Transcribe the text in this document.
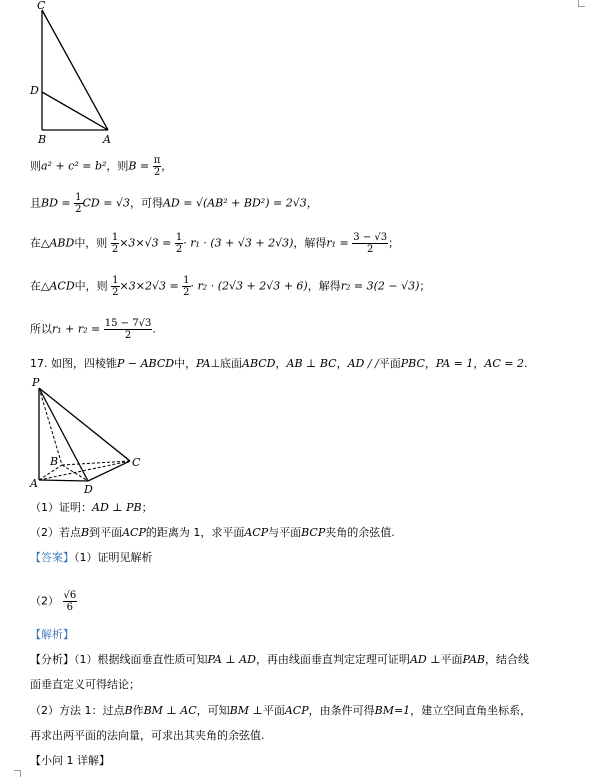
C
D
B	A
则a² + c² = b²，则$B = \frac{\pi}{2}$ ，
且BD = $\frac{1}{2}$ CD = √3，可得AD = √(AB² + BD²) = 2√3，
在△ABD中，则 $\frac{1}{2} \times 3\times√3 = \frac{1}{2} \cdot r_1 \cdot (3 + √3 + 2√3)$，解得$r_1 = \frac{3 - √3}{2}$ ；
在△ACD中，则 $\frac{1}{2} \times 3\times 2√3 = \frac{1}{2} \cdot r_2 \cdot (2√3 + 2√3 + 6)$，解得r₂ = 3(2 − √3)；
所以$r_1 + r_2 = \frac{15 - 7√3}{2}$ .
17. 如图，四棱锥P − ABCD中，PA⊥底面ABCD，AB ⊥ BC，AD / /平面PBC，PA = 1，AC = 2.
P
B	C
A	D
（1）证明：AD ⊥ PB；
（2）若点B到平面ACP的距离为 1，求平面ACP与平面BCP夹角的余弦值.
【答案】（1）证明见解析
$(2) \frac{√6}{6}$
【解析】
【分析】（1）根据线面垂直性质可知PA ⊥ AD，再由线面垂直判定定理可证明AD ⊥平面PAB，结合线
面垂直定义可得结论；
（2）方法 1：过点B作BM ⊥ AC，可知BM ⊥平面ACP，由条件可得BM=1，建立空间直角坐标系，
再求出两平面的法向量，可求出其夹角的余弦值.
【小问 1 详解】
